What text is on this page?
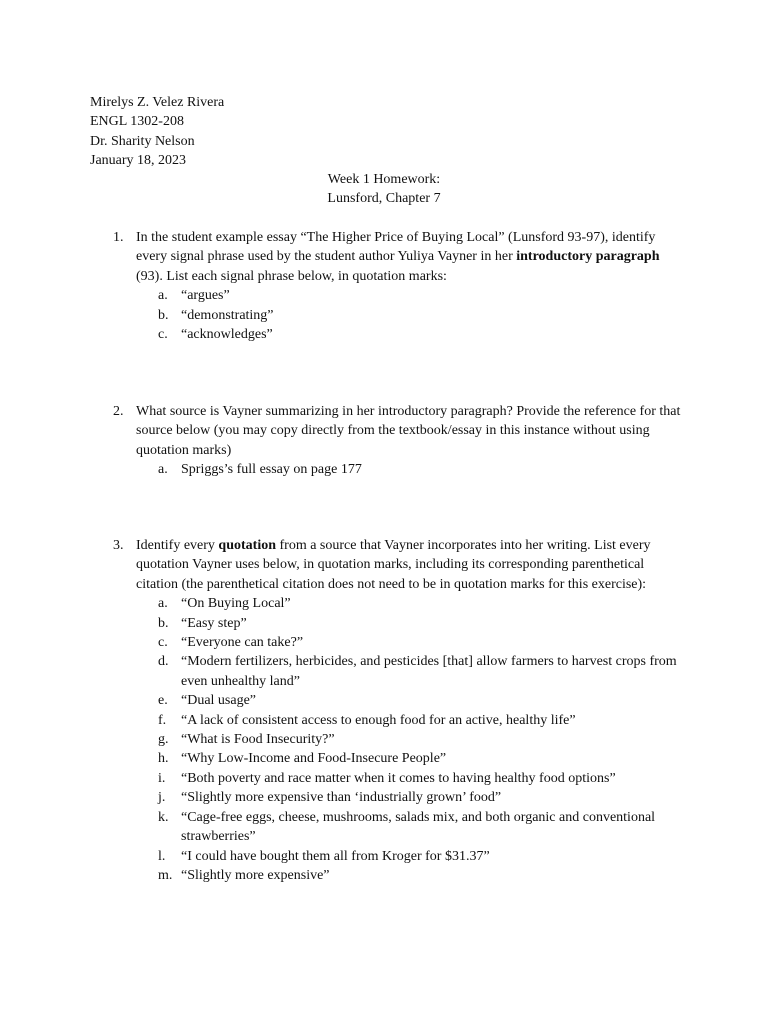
Mirelys Z. Velez Rivera
ENGL 1302-208
Dr. Sharity Nelson
January 18, 2023
Week 1 Homework:
Lunsford, Chapter 7
1. In the student example essay “The Higher Price of Buying Local” (Lunsford 93-97), identify every signal phrase used by the student author Yuliya Vayner in her introductory paragraph (93). List each signal phrase below, in quotation marks:
a. “argues”
b. “demonstrating”
c. “acknowledges”
2. What source is Vayner summarizing in her introductory paragraph? Provide the reference for that source below (you may copy directly from the textbook/essay in this instance without using quotation marks)
a. Spriggs’s full essay on page 177
3. Identify every quotation from a source that Vayner incorporates into her writing. List every quotation Vayner uses below, in quotation marks, including its corresponding parenthetical citation (the parenthetical citation does not need to be in quotation marks for this exercise):
a. “On Buying Local”
b. “Easy step”
c. “Everyone can take?”
d. “Modern fertilizers, herbicides, and pesticides [that] allow farmers to harvest crops from even unhealthy land”
e. “Dual usage”
f. “A lack of consistent access to enough food for an active, healthy life”
g. “What is Food Insecurity?”
h. “Why Low-Income and Food-Insecure People”
i. “Both poverty and race matter when it comes to having healthy food options”
j. “Slightly more expensive than ‘industrially grown’ food”
k. “Cage-free eggs, cheese, mushrooms, salads mix, and both organic and conventional strawberries”
l. “I could have bought them all from Kroger for $31.37”
m. “Slightly more expensive”
